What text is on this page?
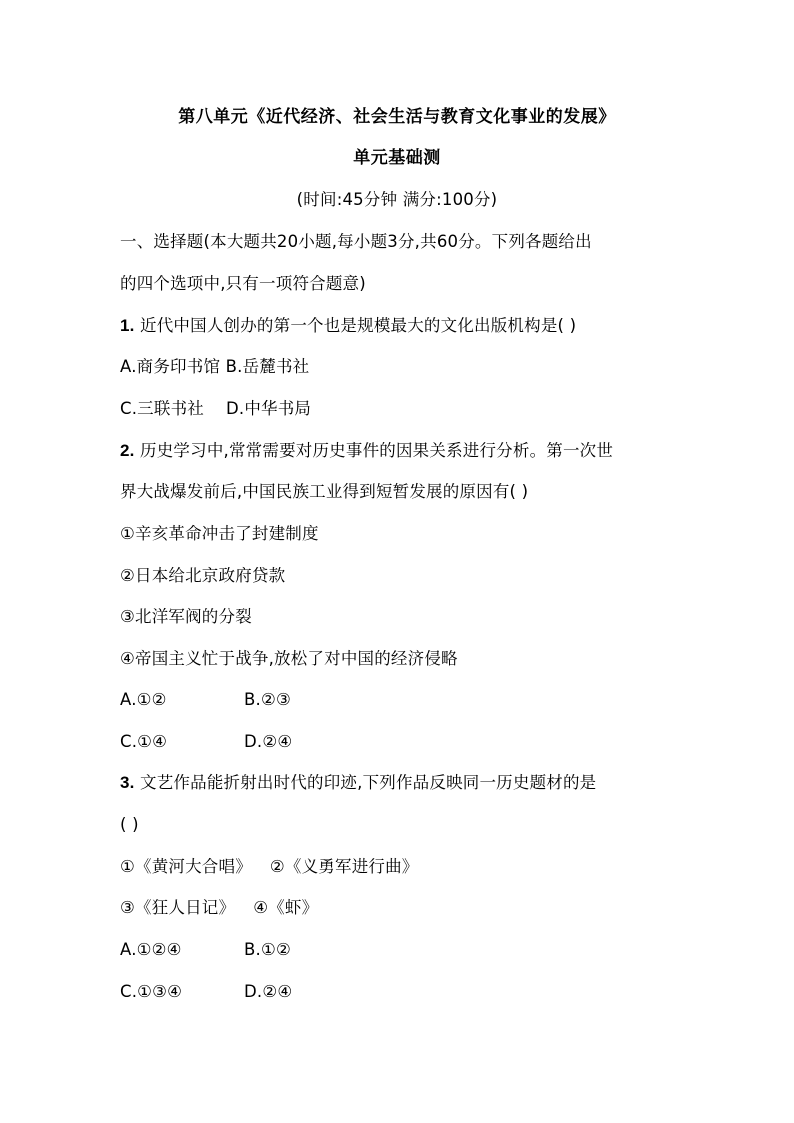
第八单元《近代经济、社会生活与教育文化事业的发展》
单元基础测
(时间:45分钟 满分:100分)
一、选择题(本大题共20小题,每小题3分,共60分。下列各题给出
的四个选项中,只有一项符合题意)
1. 近代中国人创办的第一个也是规模最大的文化出版机构是( )
A.商务印书馆 B.岳麓书社
C.三联书社 D.中华书局
2. 历史学习中,常常需要对历史事件的因果关系进行分析。第一次世
界大战爆发前后,中国民族工业得到短暂发展的原因有( )
①辛亥革命冲击了封建制度
②日本给北京政府贷款
③北洋军阀的分裂
④帝国主义忙于战争,放松了对中国的经济侵略
A.①②	B.②③
C.①④	D.②④
3. 文艺作品能折射出时代的印迹,下列作品反映同一历史题材的是
( )
①《黄河大合唱》 ②《义勇军进行曲》
③《狂人日记》 ④《虾》
A.①②④	B.①②
C.①③④	D.②④
